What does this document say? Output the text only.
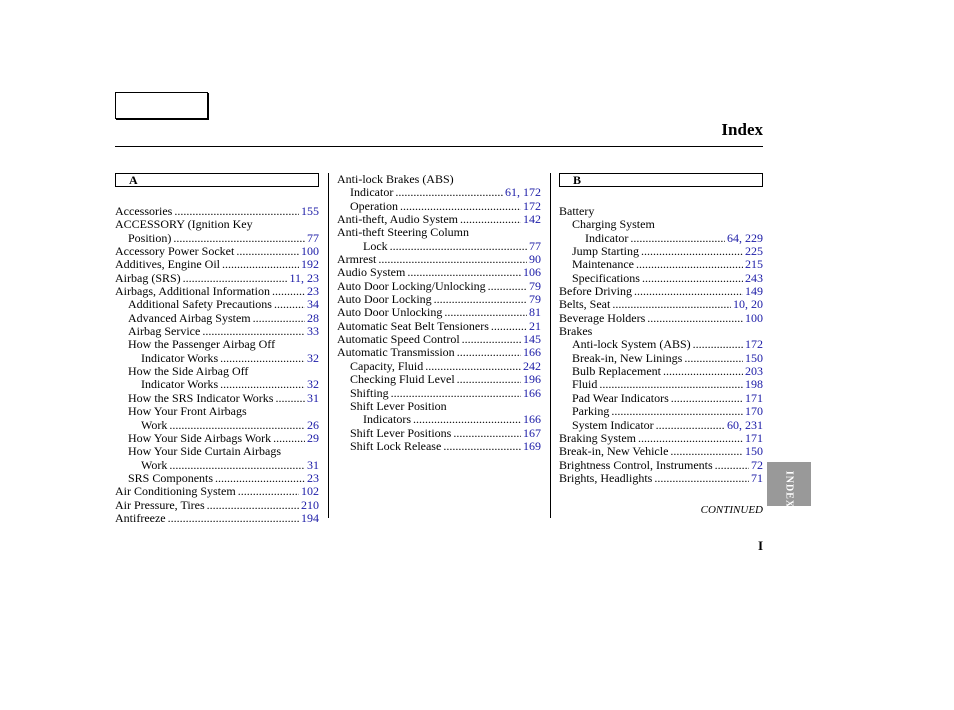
Index
A
Accessories .....	155
ACCESSORY (Ignition Key
Position) .....	77
Accessory Power Socket .....	100
Additives, Engine Oil .....	192
Airbag (SRS) .....	11, 23
Airbags, Additional Information .....	23
Additional Safety Precautions .....	34
Advanced Airbag System .....	28
Airbag Service .....	33
How the Passenger Airbag Off
Indicator Works .....	32
How the Side Airbag Off
Indicator Works .....	32
How the SRS Indicator Works .....	31
How Your Front Airbags
Work .....	26
How Your Side Airbags Work .....	29
How Your Side Curtain Airbags
Work .....	31
SRS Components .....	23
Air Conditioning System .....	102
Air Pressure, Tires .....	210
Antifreeze .....	194
Anti-lock Brakes (ABS)
Indicator .....	61, 172
Operation .....	172
Anti-theft, Audio System .....	142
Anti-theft Steering Column
Lock .....	77
Armrest .....	90
Audio System .....	106
Auto Door Locking/Unlocking .....	79
Auto Door Locking .....	79
Auto Door Unlocking .....	81
Automatic Seat Belt Tensioners .....	21
Automatic Speed Control .....	145
Automatic Transmission .....	166
Capacity, Fluid .....	242
Checking Fluid Level .....	196
Shifting .....	166
Shift Lever Position
Indicators .....	166
Shift Lever Positions .....	167
Shift Lock Release .....	169
B
Battery
Charging System
Indicator .....	64, 229
Jump Starting .....	225
Maintenance .....	215
Specifications .....	243
Before Driving .....	149
Belts, Seat .....	10, 20
Beverage Holders .....	100
Brakes
Anti-lock System (ABS) .....	172
Break-in, New Linings .....	150
Bulb Replacement .....	203
Fluid .....	198
Pad Wear Indicators .....	171
Parking .....	170
System Indicator .....	60, 231
Braking System .....	171
Break-in, New Vehicle .....	150
Brightness Control, Instruments .....	72
Brights, Headlights .....	71
CONTINUED
INDEX
I
